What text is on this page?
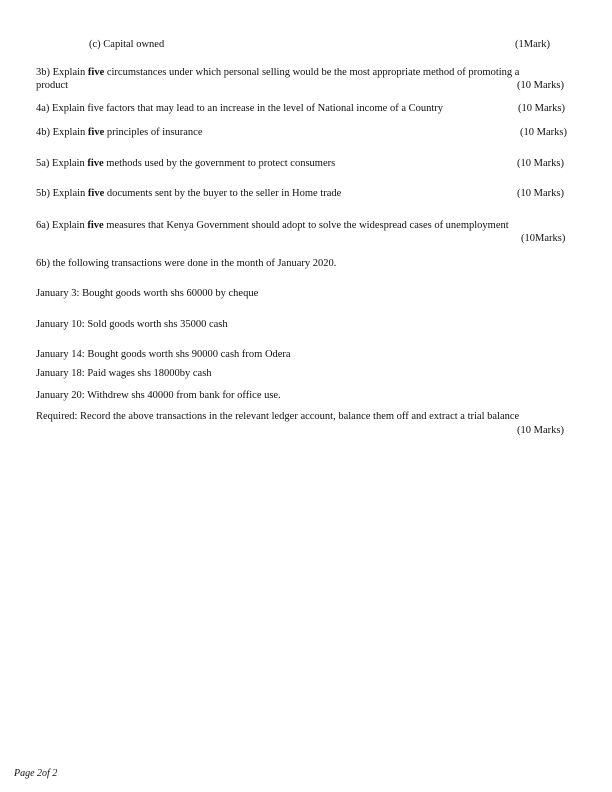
(c) Capital owned	(1Mark)
3b) Explain five circumstances under which personal selling would be the most appropriate method of promoting a
product	(10 Marks)
4a) Explain five factors that may lead to an increase in the level of National income of a Country	(10 Marks)
4b) Explain five principles of insurance	(10 Marks)
5a) Explain five methods used by the government to protect consumers	(10 Marks)
5b) Explain five documents sent by the buyer to the seller in Home trade	(10 Marks)
6a) Explain five measures that Kenya Government should adopt to solve the widespread cases of unemployment
(10Marks)
6b) the following transactions were done in the month of January 2020.
January 3: Bought goods worth shs 60000 by cheque
January 10: Sold goods worth shs 35000 cash
January 14: Bought goods worth shs 90000 cash from Odera
January 18: Paid wages shs 18000by cash
January 20: Withdrew shs 40000 from bank for office use.
Required: Record the above transactions in the relevant ledger account, balance them off and extract a trial balance
(10 Marks)
Page 2of 2
